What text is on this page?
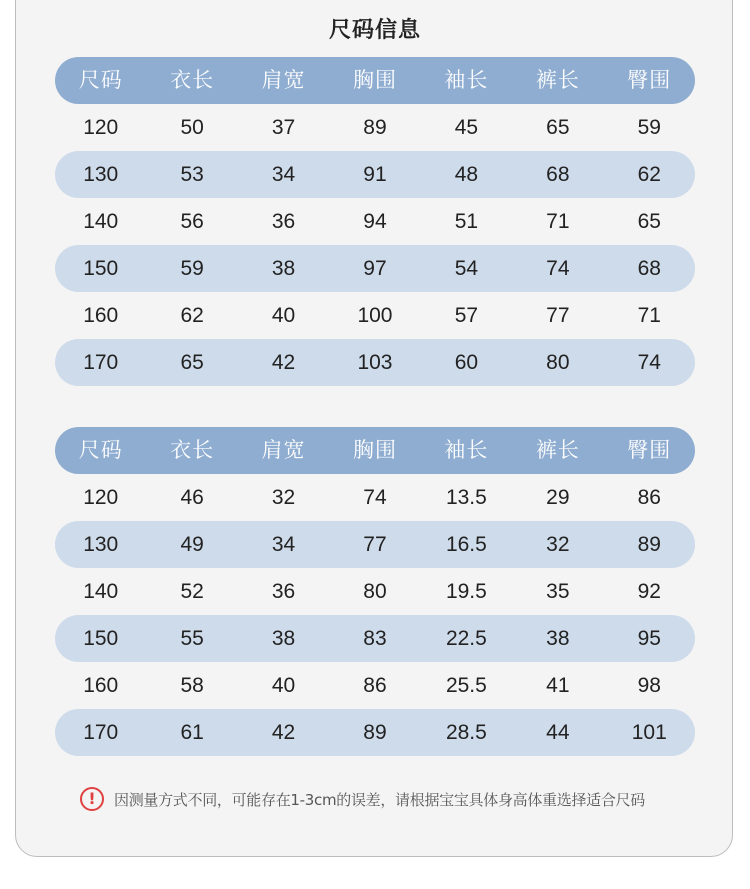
尺码信息
尺码	衣长	肩宽	胸围	袖长	裤长	臀围
120	50	37	89	45	65	59
130	53	34	91	48	68	62
140	56	36	94	51	71	65
150	59	38	97	54	74	68
160	62	40	100	57	77	71
170	65	42	103	60	80	74
尺码	衣长	肩宽	胸围	袖长	裤长	臀围
120	46	32	74	13.5	29	86
130	49	34	77	16.5	32	89
140	52	36	80	19.5	35	92
150	55	38	83	22.5	38	95
160	58	40	86	25.5	41	98
170	61	42	89	28.5	44	101
!	因测量方式不同，可能存在1-3cm的误差，请根据宝宝具体身高体重选择适合尺码
